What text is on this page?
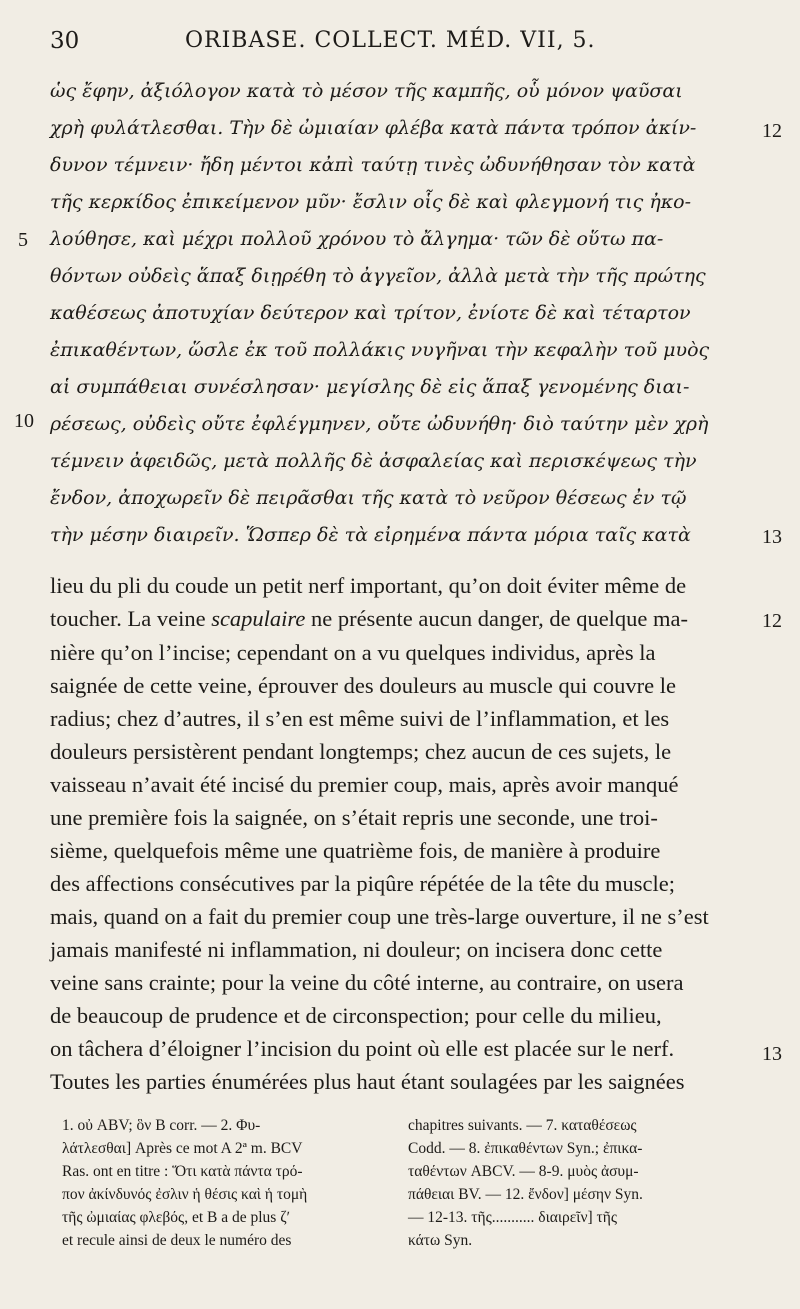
30	ORIBASE. COLLECT. MÉD. VII, 5.
ὡς ἔφην, ἀξιόλογον κατὰ τὸ μέσον τῆς καμπῆς, οὗ μόνον ψαῦσαι
χρὴ φυλάτλεσθαι. Τὴν δὲ ὠμιαίαν φλέβα κατὰ πάντα τρόπον ἀκίν-
δυνον τέμνειν· ἤδη μέντοι κἀπὶ ταύτῃ τινὲς ὠδυνήθησαν τὸν κατὰ
τῆς κερκίδος ἐπικείμενον μῦν· ἔσλιν οἷς δὲ καὶ φλεγμονή τις ἠκο-
λούθησε, καὶ μέχρι πολλοῦ χρόνου τὸ ἄλγημα· τῶν δὲ οὕτω πα-
θόντων οὐδεὶς ἅπαξ διῃρέθη τὸ ἀγγεῖον, ἀλλὰ μετὰ τὴν τῆς πρώτης
καθέσεως ἀποτυχίαν δεύτερον καὶ τρίτον, ἐνίοτε δὲ καὶ τέταρτον
ἐπικαθέντων, ὥσλε ἐκ τοῦ πολλάκις νυγῆναι τὴν κεφαλὴν τοῦ μυὸς
αἱ συμπάθειαι συνέσλησαν· μεγίσλης δὲ εἰς ἅπαξ γενομένης διαι-
ρέσεως, οὐδεὶς οὔτε ἐφλέγμηνεν, οὔτε ὠδυνήθη· διὸ ταύτην μὲν χρὴ
τέμνειν ἀφειδῶς, μετὰ πολλῆς δὲ ἀσφαλείας καὶ περισκέψεως τὴν
ἔνδον, ἀποχωρεῖν δὲ πειρᾶσθαι τῆς κατὰ τὸ νεῦρον θέσεως ἐν τῷ
τὴν μέσην διαιρεῖν. Ὥσπερ δὲ τὰ εἰρημένα πάντα μόρια ταῖς κατὰ
12
5
10
13
lieu du pli du coude un petit nerf important, qu’on doit éviter même de
toucher. La veine scapulaire ne présente aucun danger, de quelque ma-
nière qu’on l’incise; cependant on a vu quelques individus, après la
saignée de cette veine, éprouver des douleurs au muscle qui couvre le
radius; chez d’autres, il s’en est même suivi de l’inflammation, et les
douleurs persistèrent pendant longtemps; chez aucun de ces sujets, le
vaisseau n’avait été incisé du premier coup, mais, après avoir manqué
une première fois la saignée, on s’était repris une seconde, une troi-
sième, quelquefois même une quatrième fois, de manière à produire
des affections consécutives par la piqûre répétée de la tête du muscle;
mais, quand on a fait du premier coup une très-large ouverture, il ne s’est
jamais manifesté ni inflammation, ni douleur; on incisera donc cette
veine sans crainte; pour la veine du côté interne, au contraire, on usera
de beaucoup de prudence et de circonspection; pour celle du milieu,
on tâchera d’éloigner l’incision du point où elle est placée sur le nerf.
Toutes les parties énumérées plus haut étant soulagées par les saignées
12
13
1. οὐ ABV; ὃν B corr. — 2. Φυ-
λάτλεσθαι] Après ce mot A 2ª m. BCV
Ras. ont en titre : Ὅτι κατὰ πάντα τρό-
πον ἀκίνδυνός ἐσλιν ἡ θέσις καὶ ἡ τομὴ
τῆς ὠμιαίας φλεβός, et B a de plus ζʹ
et recule ainsi de deux le numéro des
chapitres suivants. — 7. καταθέσεως
Codd. — 8. ἐπικαθέντων Syn.; ἐπικα-
ταθέντων ABCV. — 8-9. μυὸς ἀσυμ-
πάθειαι BV. — 12. ἔνδον] μέσην Syn.
— 12-13. τῆς........... διαιρεῖν] τῆς
κάτω Syn.
